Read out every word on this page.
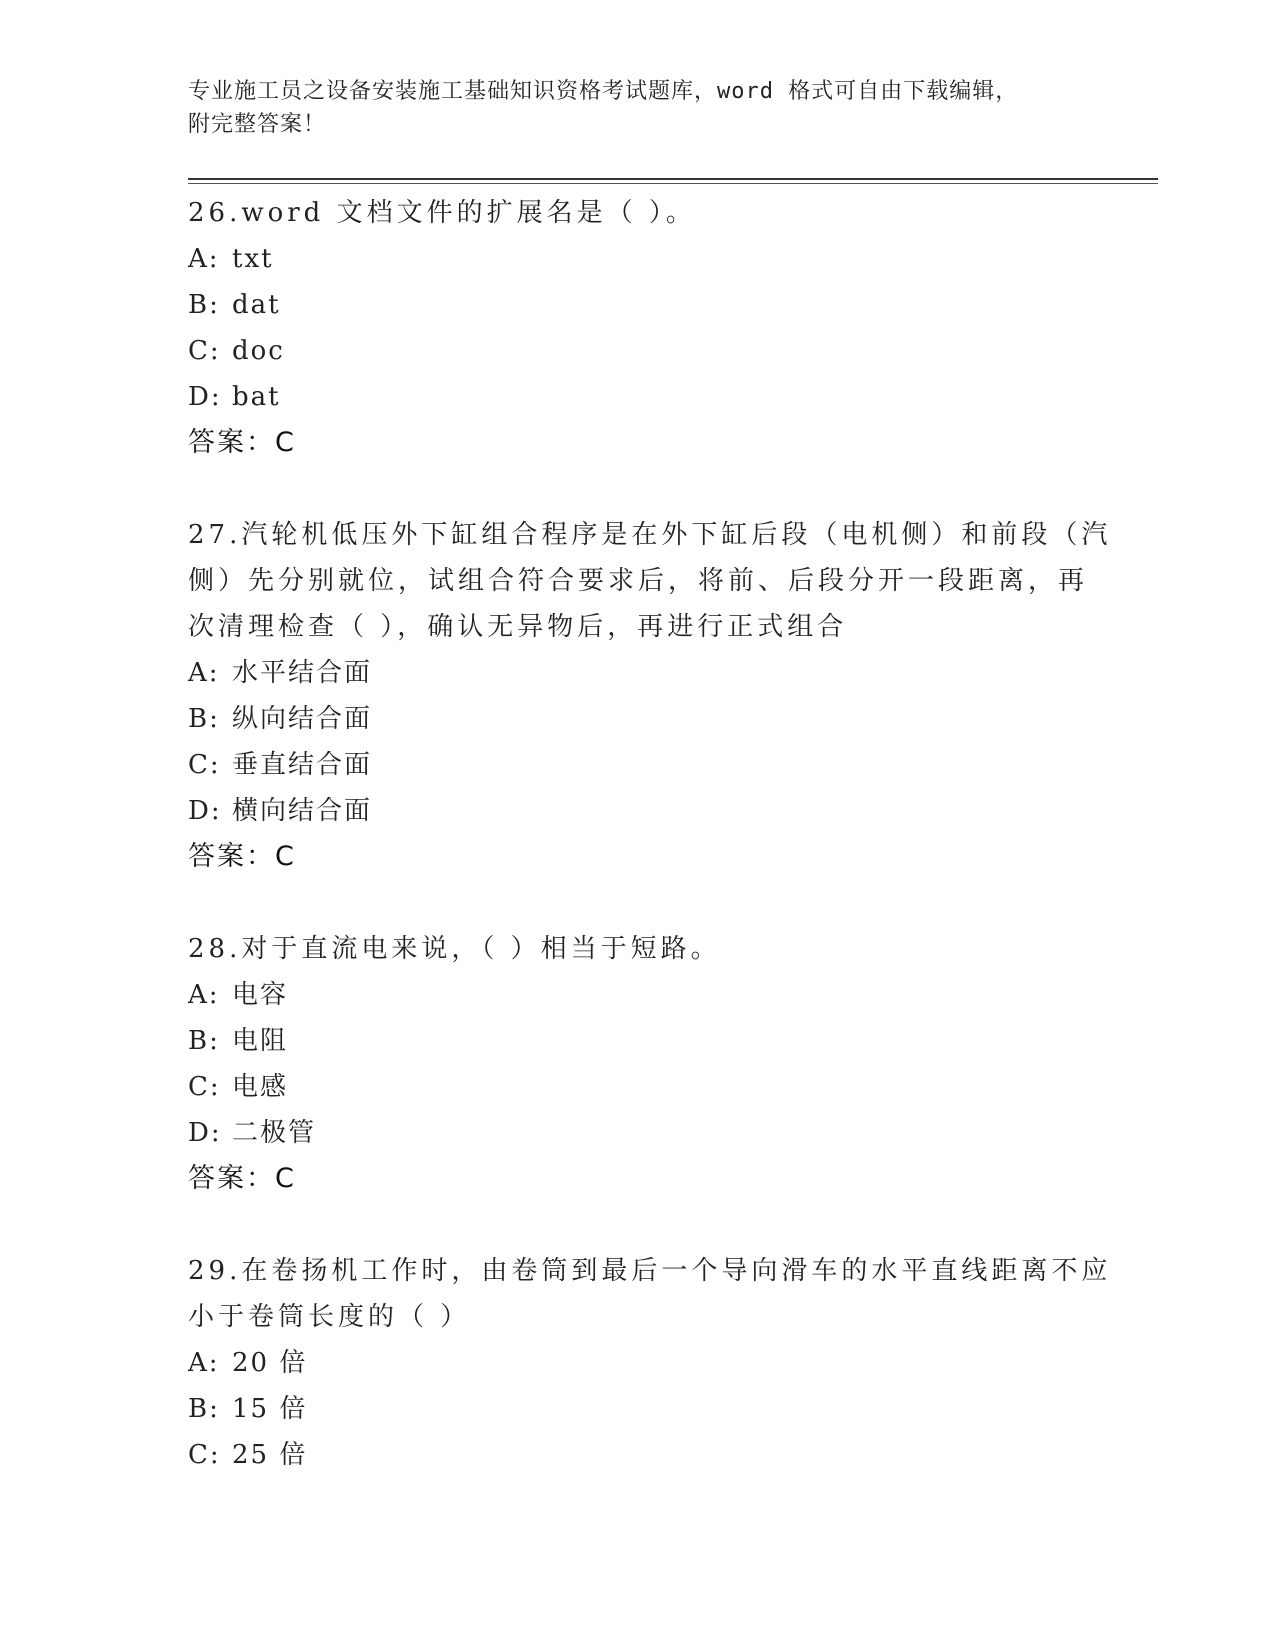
专业施工员之设备安装施工基础知识资格考试题库，word 格式可自由下载编辑，
附完整答案！
26.word 文档文件的扩展名是（ ）。
A: txt
B: dat
C: doc
D: bat
答案：C
27.汽轮机低压外下缸组合程序是在外下缸后段（电机侧）和前段（汽
侧）先分别就位，试组合符合要求后，将前、后段分开一段距离，再
次清理检查（ ），确认无异物后，再进行正式组合
A: 水平结合面
B: 纵向结合面
C: 垂直结合面
D: 横向结合面
答案：C
28.对于直流电来说，（ ）相当于短路。
A: 电容
B: 电阻
C: 电感
D: 二极管
答案：C
29.在卷扬机工作时，由卷筒到最后一个导向滑车的水平直线距离不应
小于卷筒长度的（ ）
A: 20 倍
B: 15 倍
C: 25 倍
